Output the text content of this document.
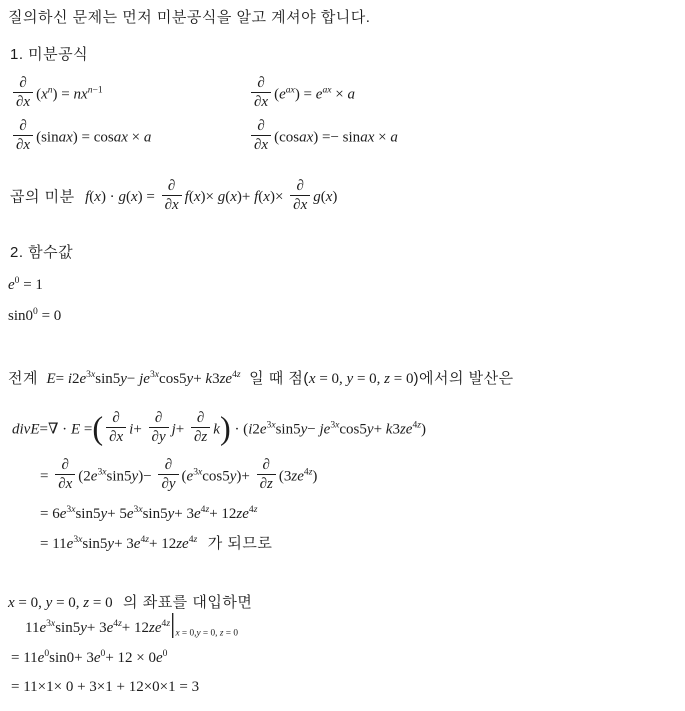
질의하신 문제는 먼저 미분공식을 알고 계셔야 합니다.
1. 미분공식
$\frac{\partial}{\partial x} (x^n) = nx^{n-1}$	$\frac{\partial}{\partial x} (e^{ax}) = e^{ax} \times a$
$\frac{\partial}{\partial x}$ (sinax) = cosax × a	$\frac{\partial}{\partial x}$ (cosax) =− sinax × a
곱의 미분 $f(x) \cdot g(x) = \frac{\partial}{\partial x} f(x)\times g(x)+ f(x)\times \frac{\partial}{\partial x} g(x)$
2. 함수값
$e^0 = 1$
$\sin 0^0 = 0$
전계 $E= i2e^{3x}\sin 5y- je^{3x}\cos 5y+ k3ze^{4z}$ 일 때 점(x = 0, y = 0, z = 0)에서의 발산은
divE=∇ · E =( $\frac{\partial}{\partial x} i+ \frac{\partial}{\partial y} j+ \frac{\partial}{\partial z} k) \cdot (i2e^{3x}\sin 5y- je^{3x}\cos 5y+ k3ze^{4z})$
= $\frac{\partial}{\partial x} (2e^{3x}\sin 5y)- \frac{\partial}{\partial y} (e^{3x}\cos 5y)+ \frac{\partial}{\partial z} (3ze^{4z})$
= $6e^{3x}\sin 5y+ 5e^{3x}\sin 5y+ 3e^{4z}+ 12ze^{4z}$
= $11e^{3x}\sin 5y+ 3e^{4z}+ 12ze^{4z}$ 가 되므로
x = 0, y = 0, z = 0 의 좌표를 대입하면
$11e^{3x}\sin 5y+ 3e^{4z}+ 12ze^{4z}|_{x = 0,y = 0, z = 0}$
= $11e^0\sin 0+ 3e^0+ 12 \times 0e^0$
= 11×1× 0 + 3×1 + 12×0×1 = 3
